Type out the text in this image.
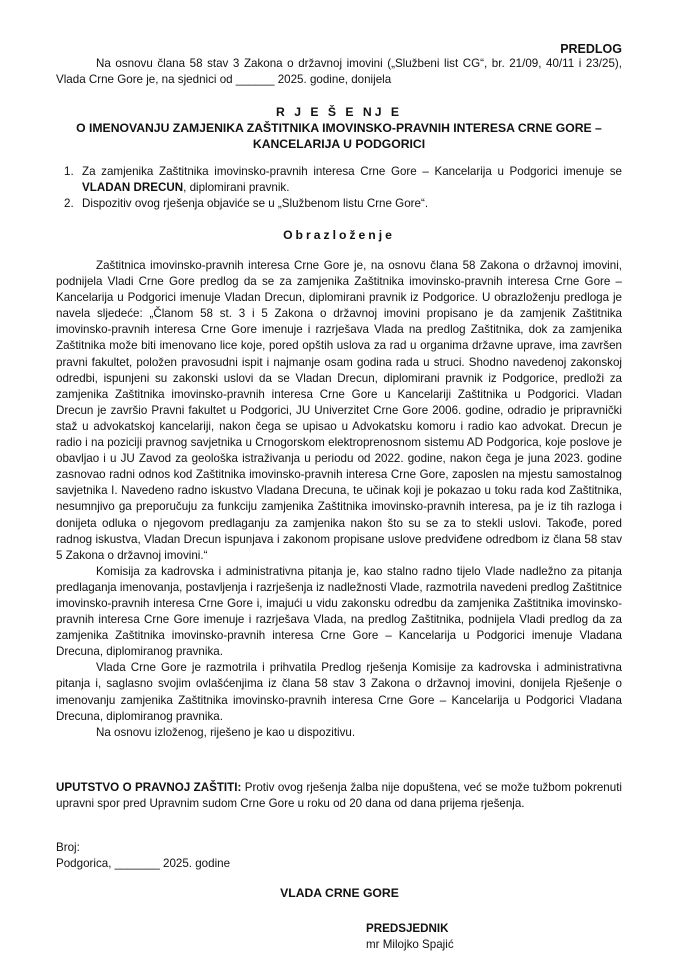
PREDLOG
Na osnovu člana 58 stav 3 Zakona o državnoj imovini („Službeni list CG“, br. 21/09, 40/11 i 23/25), Vlada Crne Gore je, na sjednici od ______ 2025. godine, donijela
R J E Š E NJ E
O IMENOVANJU ZAMJENIKA ZAŠTITNIKA IMOVINSKO-PRAVNIH INTERESA CRNE GORE – KANCELARIJA U PODGORICI
1. Za zamjenika Zaštitnika imovinsko-pravnih interesa Crne Gore – Kancelarija u Podgorici imenuje se VLADAN DRECUN, diplomirani pravnik.
2. Dispozitiv ovog rješenja objaviće se u „Službenom listu Crne Gore“.
Obrazloženje

Zaštitnica imovinsko-pravnih interesa Crne Gore je, na osnovu člana 58 Zakona o državnoj imovini, podnijela Vladi Crne Gore predlog da se za zamjenika Zaštitnika imovinsko-pravnih interesa Crne Gore – Kancelarija u Podgorici imenuje Vladan Drecun, diplomirani pravnik iz Podgorice. U obrazloženju predloga je navela sljedeće: „Članom 58 st. 3 i 5 Zakona o državnoj imovini propisano je da zamjenik Zaštitnika imovinsko-pravnih interesa Crne Gore imenuje i razrješava Vlada na predlog Zaštitnika, dok za zamjenika Zaštitnika može biti imenovano lice koje, pored opštih uslova za rad u organima državne uprave, ima završen pravni fakultet, položen pravosudni ispit i najmanje osam godina rada u struci. Shodno navedenoj zakonskoj odredbi, ispunjeni su zakonski uslovi da se Vladan Drecun, diplomirani pravnik iz Podgorice, predloži za zamjenika Zaštitnika imovinsko-pravnih interesa Crne Gore u Kancelariji Zaštitnika u Podgorici. Vladan Drecun je završio Pravni fakultet u Podgorici, JU Univerzitet Crne Gore 2006. godine, odradio je pripravnički staž u advokatskoj kancelariji, nakon čega se upisao u Advokatsku komoru i radio kao advokat. Drecun je radio i na poziciji pravnog savjetnika u Crnogorskom elektroprenosnom sistemu AD Podgorica, koje poslove je obavljao i u JU Zavod za geološka istraživanja u periodu od 2022. godine, nakon čega je juna 2023. godine zasnovao radni odnos kod Zaštitnika imovinsko-pravnih interesa Crne Gore, zaposlen na mjestu samostalnog savjetnika I. Navedeno radno iskustvo Vladana Drecuna, te učinak koji je pokazao u toku rada kod Zaštitnika, nesumnjivo ga preporučuju za funkciju zamjenika Zaštitnika imovinsko-pravnih interesa, pa je iz tih razloga i donijeta odluka o njegovom predlaganju za zamjenika nakon što su se za to stekli uslovi. Takođe, pored radnog iskustva, Vladan Drecun ispunjava i zakonom propisane uslove predviđene odredbom iz člana 58 stav 5 Zakona o državnoj imovini.“

Komisija za kadrovska i administrativna pitanja je, kao stalno radno tijelo Vlade nadležno za pitanja predlaganja imenovanja, postavljenja i razrješenja iz nadležnosti Vlade, razmotrila navedeni predlog Zaštitnice imovinsko-pravnih interesa Crne Gore i, imajući u vidu zakonsku odredbu da zamjenika Zaštitnika imovinsko-pravnih interesa Crne Gore imenuje i razrješava Vlada, na predlog Zaštitnika, podnijela Vladi predlog da za zamjenika Zaštitnika imovinsko-pravnih interesa Crne Gore – Kancelarija u Podgorici imenuje Vladana Drecuna, diplomiranog pravnika.

Vlada Crne Gore je razmotrila i prihvatila Predlog rješenja Komisije za kadrovska i administrativna pitanja i, saglasno svojim ovlašćenjima iz člana 58 stav 3 Zakona o državnoj imovini, donijela Rješenje o imenovanju zamjenika Zaštitnika imovinsko-pravnih interesa Crne Gore – Kancelarija u Podgorici Vladana Drecuna, diplomiranog pravnika.

Na osnovu izloženog, riješeno je kao u dispozitivu.

UPUTSTVO O PRAVNOJ ZAŠTITI: Protiv ovog rješenja žalba nije dopuštena, već se može tužbom pokrenuti upravni spor pred Upravnim sudom Crne Gore u roku od 20 dana od dana prijema rješenja.
Broj:
Podgorica, _______ 2025. godine
VLADA CRNE GORE
PREDSJEDNIK
mr Milojko Spajić
